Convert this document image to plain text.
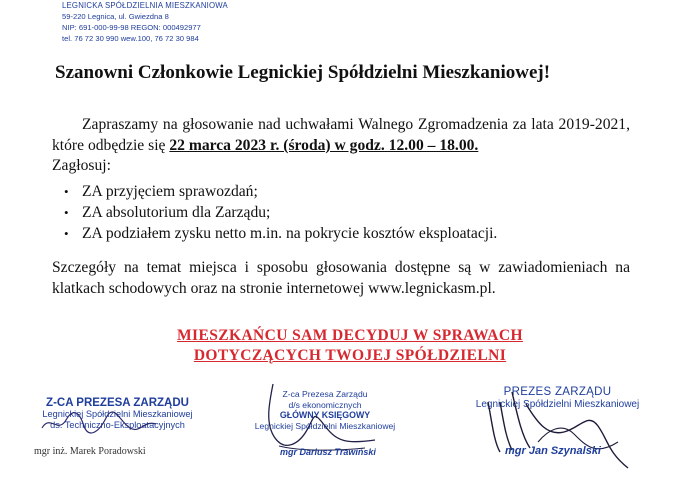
LEGNICKA SPÓŁDZIELNIA MIESZKANIOWA
59-220 Legnica, ul. Gwiezdna 8
NIP: 691-000-99-98 REGON: 000492977
tel. 76 72 30 990 wew.100, 76 72 30 984
Szanowni Członkowie Legnickiej Spółdzielni Mieszkaniowej!
Zapraszamy na głosowanie nad uchwałami Walnego Zgromadzenia za lata 2019-2021, które odbędzie się 22 marca 2023 r. (środa) w godz. 12.00 – 18.00.
Zagłosuj:
• ZA przyjęciem sprawozdań;
• ZA absolutorium dla Zarządu;
• ZA podziałem zysku netto m.in. na pokrycie kosztów eksploatacji.
Szczegóły na temat miejsca i sposobu głosowania dostępne są w zawiadomieniach na klatkach schodowych oraz na stronie internetowej www.legnickasm.pl.
MIESZKAŃCU SAM DECYDUJ W SPRAWACH
DOTYCZĄCYCH TWOJEJ SPÓŁDZIELNI
Z-CA PREZESA ZARZĄDU
Legnickiej Spółdzielni Mieszkaniowej
ds. Techniczno-Eksploatacyjnych
mgr inż. Marek Poradowski
Z-ca Prezesa Zarządu
d/s ekonomicznych
GŁÓWNY KSIĘGOWY
Legnickiej Spółdzielni Mieszkaniowej
mgr Dariusz Trawiński
PREZES ZARZĄDU
Legnickiej Spółdzielni Mieszkaniowej
mgr Jan Szynalski
